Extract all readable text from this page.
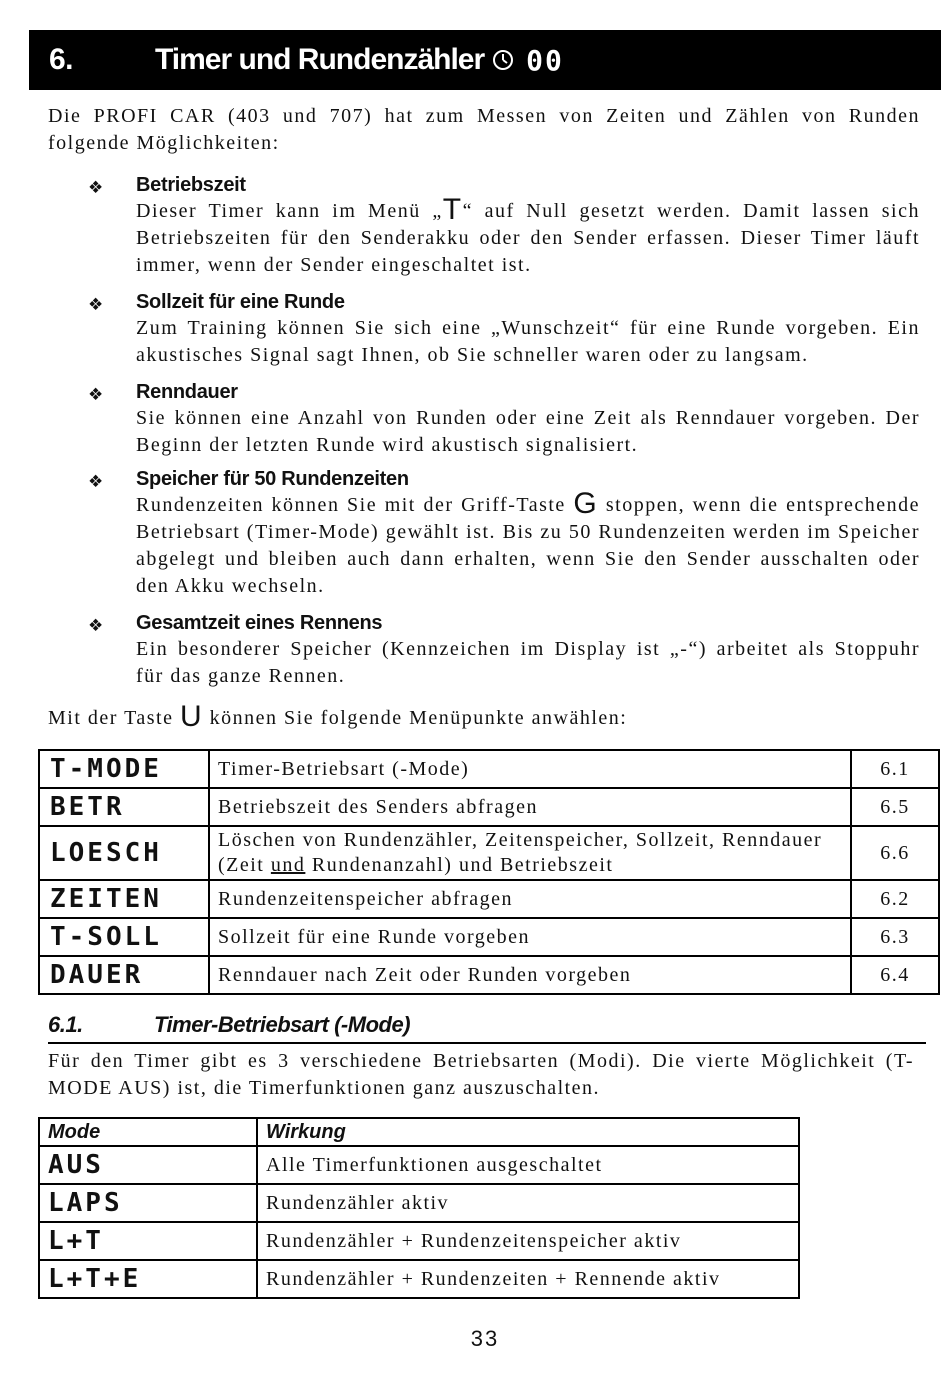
6.	Timer und Rundenzähler 00

Die PROFI CAR (403 und 707) hat zum Messen von Zeiten und Zählen von Runden folgende Möglichkeiten:

❖ Betriebszeit
Dieser Timer kann im Menü „T“ auf Null gesetzt werden. Damit lassen sich Betriebszeiten für den Senderakku oder den Sender erfassen. Dieser Timer läuft immer, wenn der Sender eingeschaltet ist.
❖ Sollzeit für eine Runde
Zum Training können Sie sich eine „Wunschzeit“ für eine Runde vorgeben. Ein akustisches Signal sagt Ihnen, ob Sie schneller waren oder zu langsam.
❖ Renndauer
Sie können eine Anzahl von Runden oder eine Zeit als Renndauer vorgeben. Der Beginn der letzten Runde wird akustisch signalisiert.
❖ Speicher für 50 Rundenzeiten
Rundenzeiten können Sie mit der Griff-Taste G stoppen, wenn die entsprechende Betriebsart (Timer-Mode) gewählt ist. Bis zu 50 Rundenzeiten werden im Speicher abgelegt und bleiben auch dann erhalten, wenn Sie den Sender ausschalten oder den Akku wechseln.
❖ Gesamtzeit eines Rennens
Ein besonderer Speicher (Kennzeichen im Display ist „-“) arbeitet als Stoppuhr für das ganze Rennen.

Mit der Taste U können Sie folgende Menüpunkte anwählen:

T-MODE	Timer-Betriebsart (-Mode)	6.1
BETR	Betriebszeit des Senders abfragen	6.5
LOESCH	Löschen von Rundenzähler, Zeitenspeicher, Sollzeit, Renndauer (Zeit und Rundenanzahl) und Betriebszeit	6.6
ZEITEN	Rundenzeitenspeicher abfragen	6.2
T-SOLL	Sollzeit für eine Runde vorgeben	6.3
DAUER	Renndauer nach Zeit oder Runden vorgeben	6.4
6.1.	Timer-Betriebsart (-Mode)

Für den Timer gibt es 3 verschiedene Betriebsarten (Modi). Die vierte Möglichkeit (T-MODE AUS) ist, die Timerfunktionen ganz auszuschalten.

Mode	Wirkung
AUS	Alle Timerfunktionen ausgeschaltet
LAPS	Rundenzähler aktiv
L+T	Rundenzähler + Rundenzeitenspeicher aktiv
L+T+E	Rundenzähler + Rundenzeiten + Rennende aktiv
33
